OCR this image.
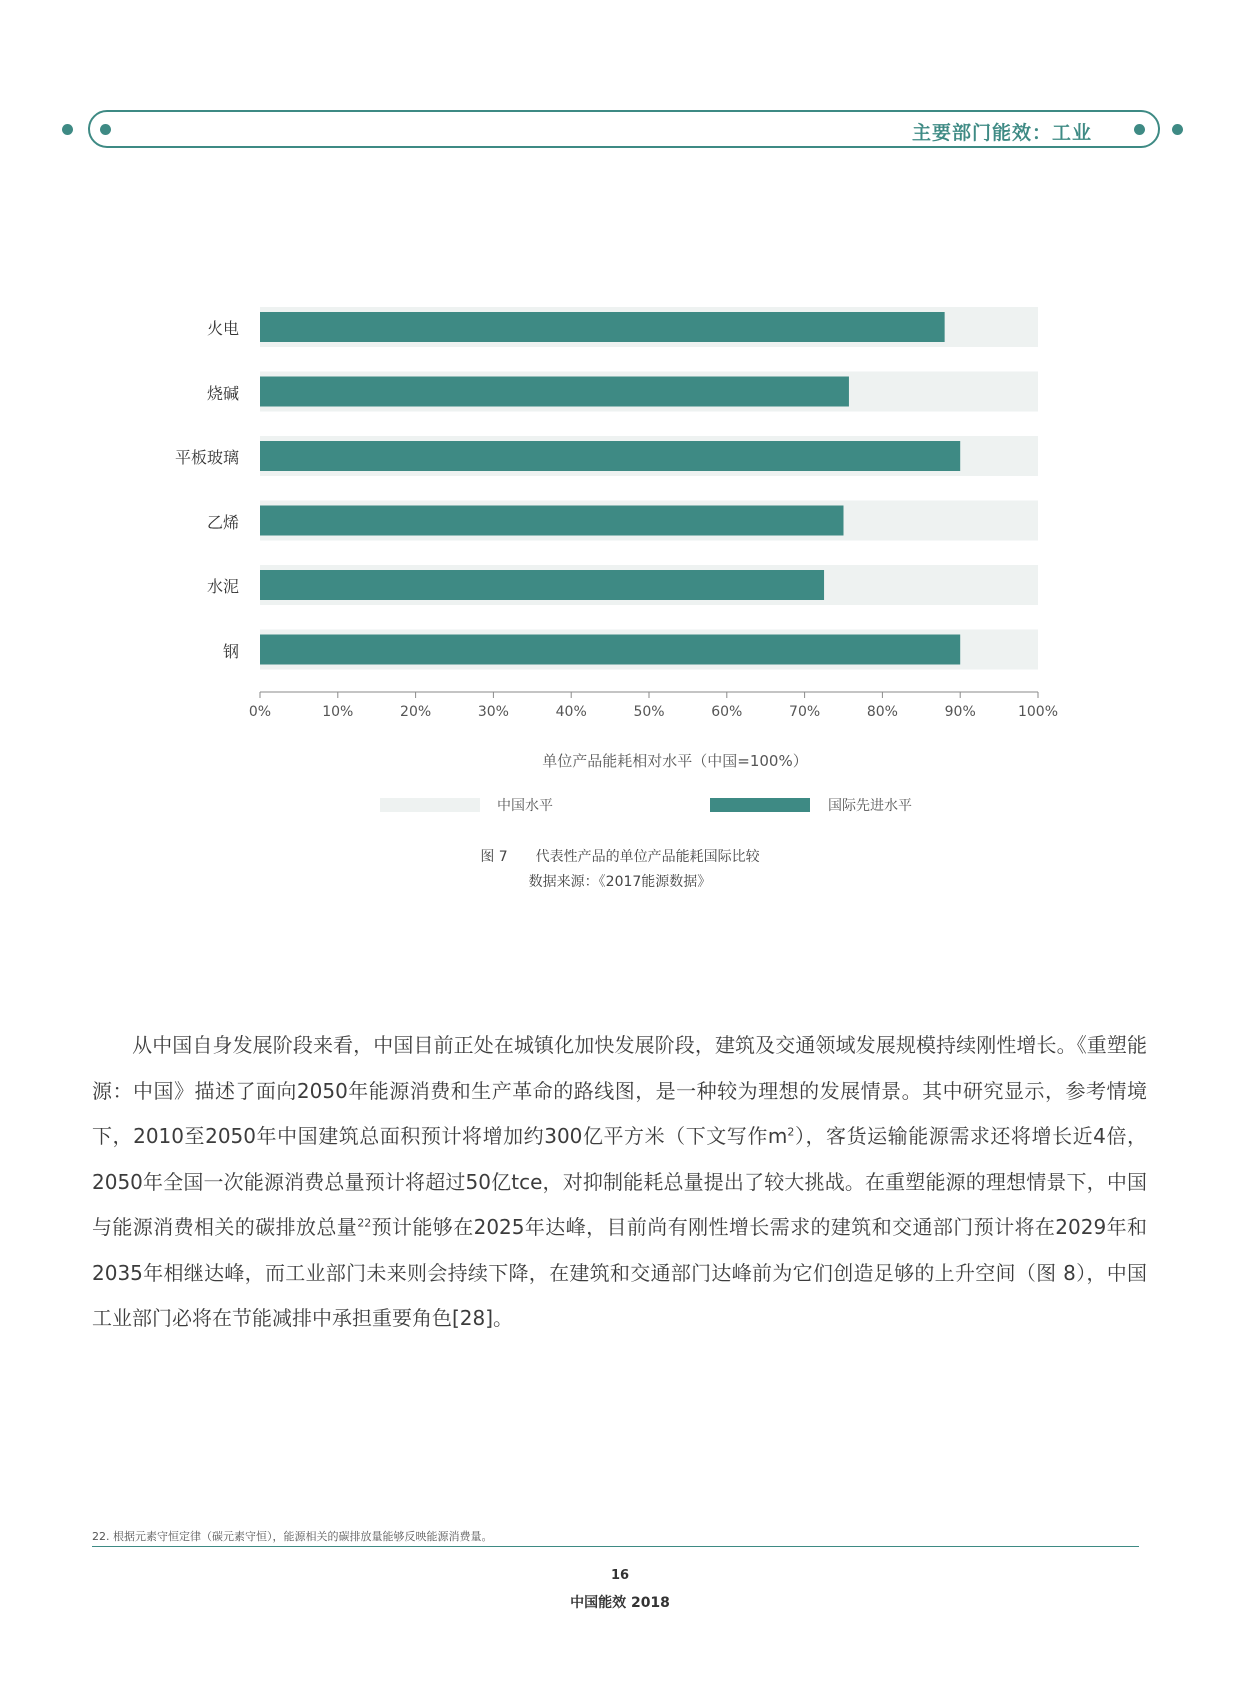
主要部门能效：工业
火电
烧碱
平板玻璃
乙烯
水泥
钢
0%	10%	20%	30%	40%	50%	60%	70%	80%	90%	100%
单位产品能耗相对水平（中国=100%）
中国水平	国际先进水平
图 7 代表性产品的单位产品能耗国际比较
数据来源：《2017能源数据》

从中国自身发展阶段来看，中国目前正处在城镇化加快发展阶段，建筑及交通领域发展规模持续刚性增长。《重塑能源：中国》描述了面向2050年能源消费和生产革命的路线图，是一种较为理想的发展情景。其中研究显示，参考情境下，2010至2050年中国建筑总面积预计将增加约300亿平方米（下文写作$m^2$），客货运输能源需求还将增长近4倍，2050年全国一次能源消费总量预计将超过50亿tce，对抑制能耗总量提出了较大挑战。在重塑能源的理想情景下，中国与能源消费相关的碳排放总量$^{22}$预计能够在2025年达峰，目前尚有刚性增长需求的建筑和交通部门预计将在2029年和2035年相继达峰，而工业部门未来则会持续下降，在建筑和交通部门达峰前为它们创造足够的上升空间（图 8），中国工业部门必将在节能减排中承担重要角色[28]。

22. 根据元素守恒定律（碳元素守恒），能源相关的碳排放量能够反映能源消费量。
16
中国能效 2018
